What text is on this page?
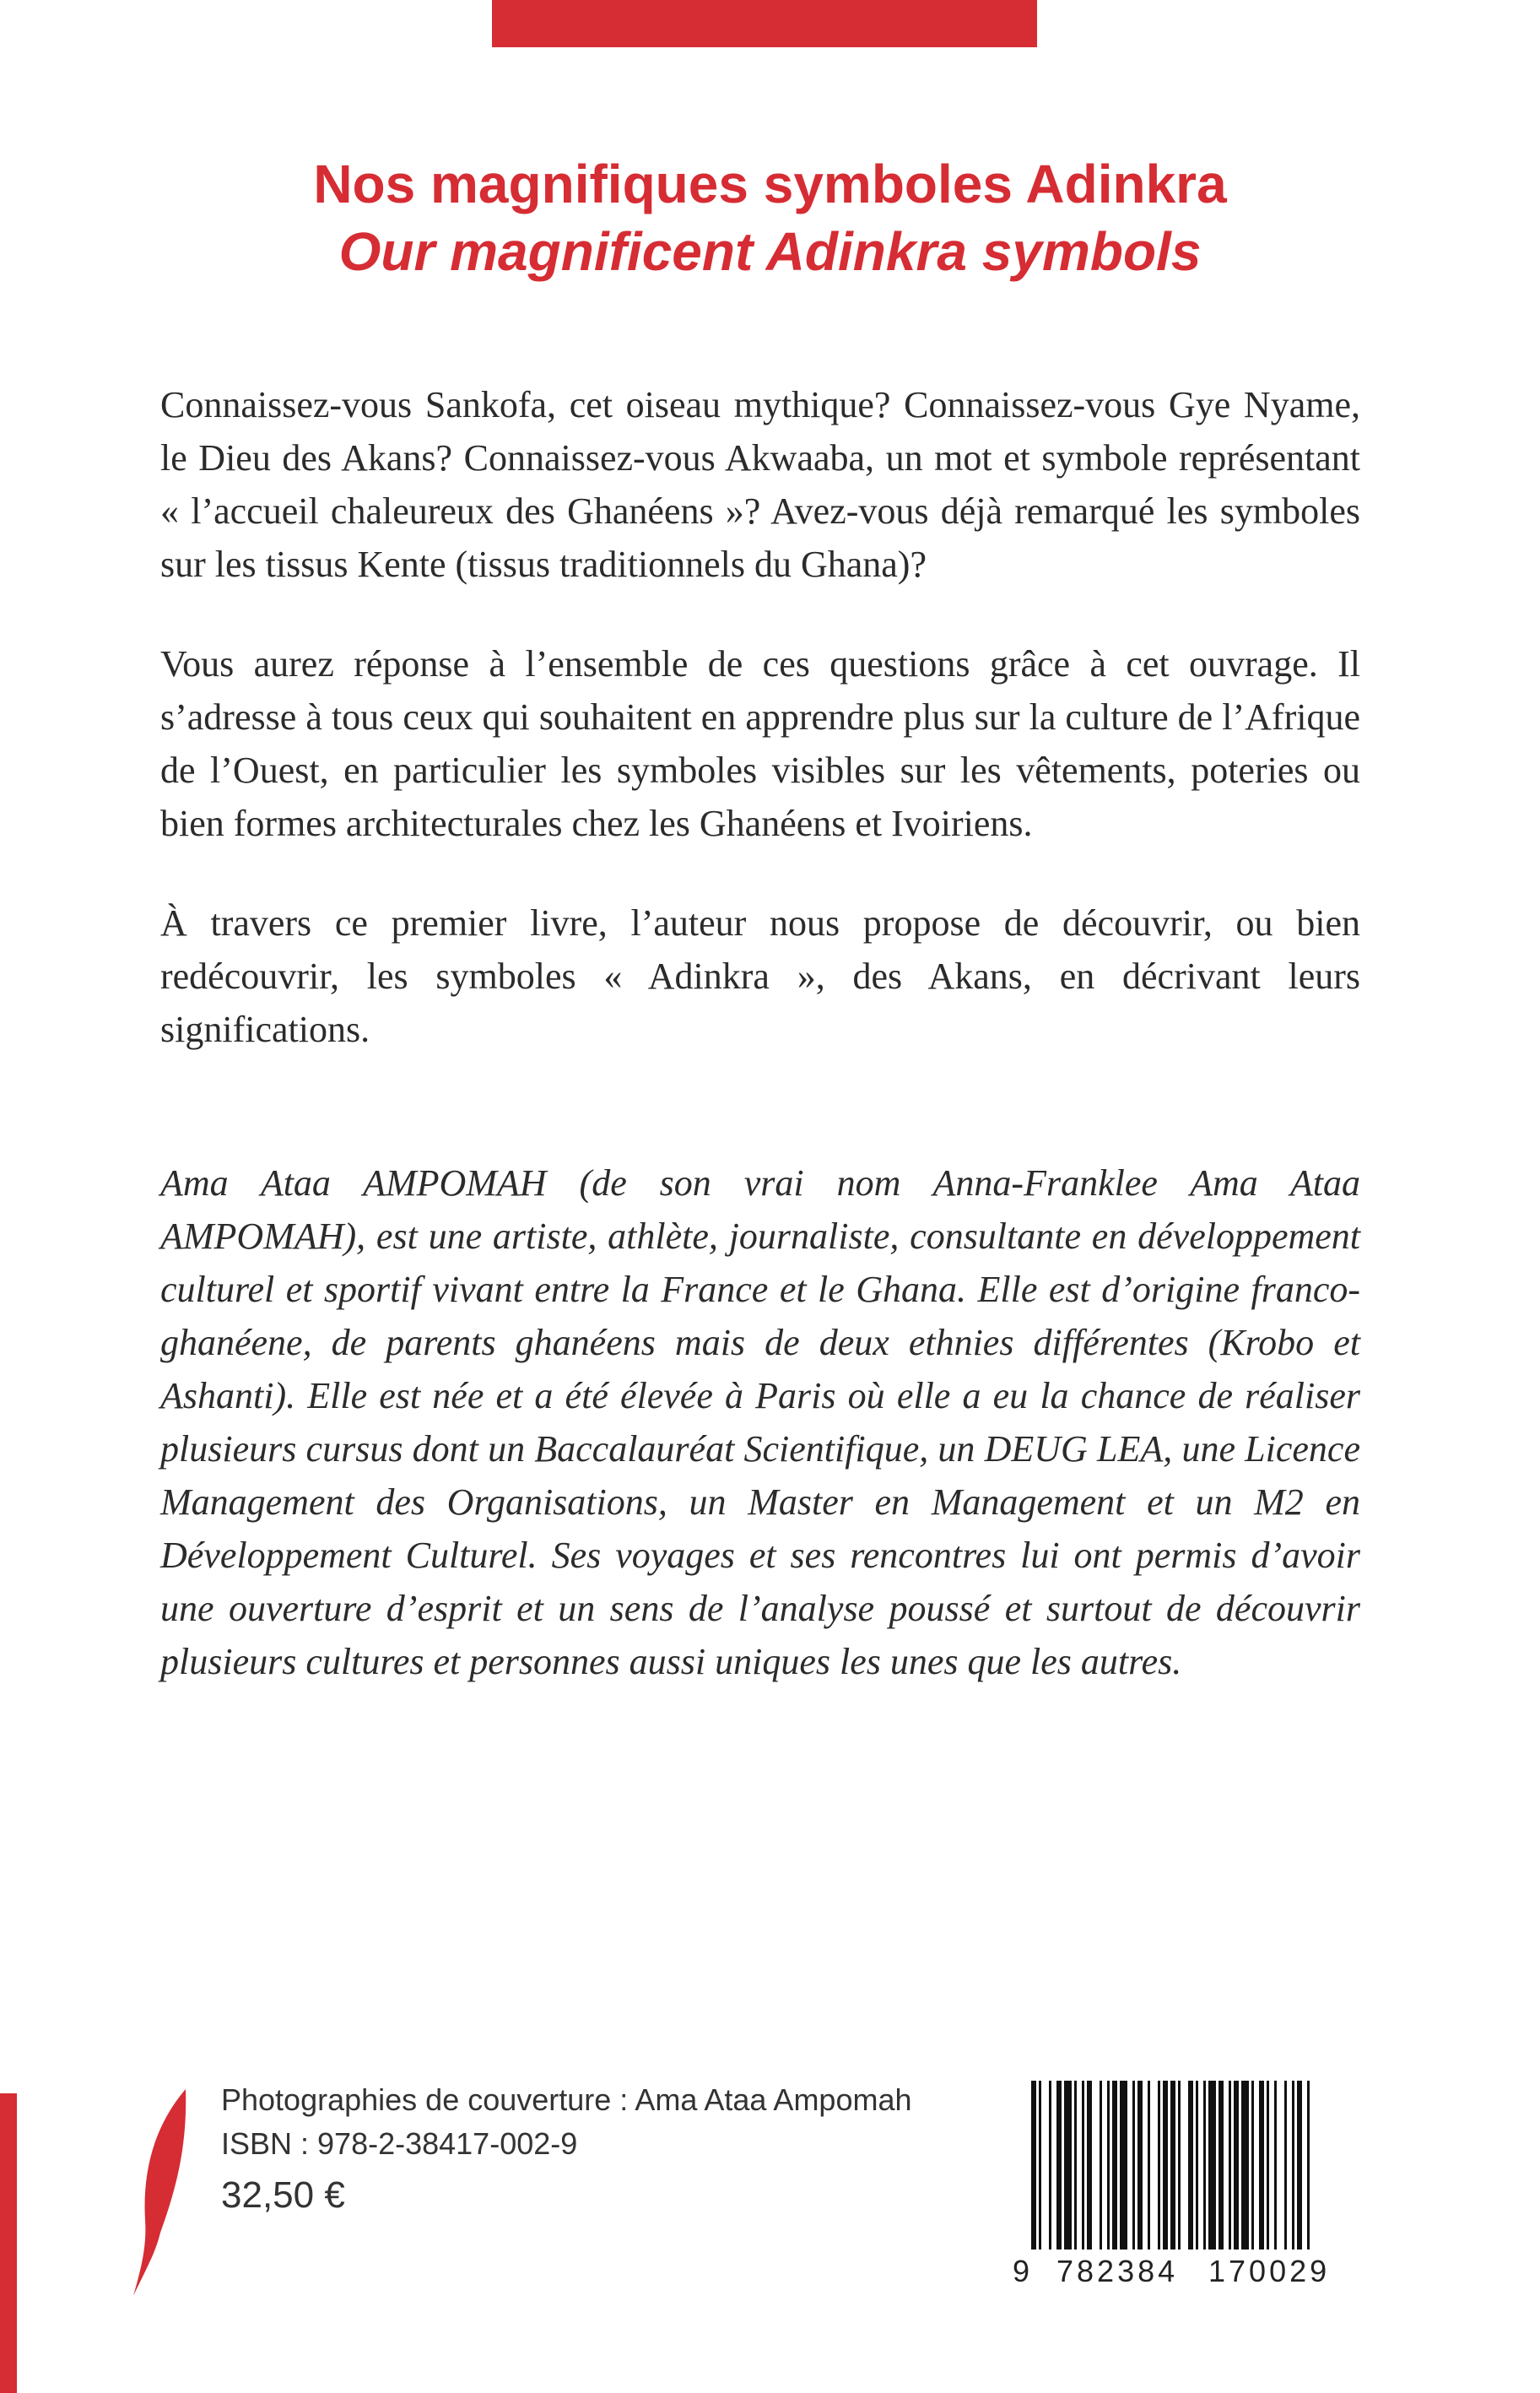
Nos magnifiques symboles Adinkra
Our magnificent Adinkra symbols

Connaissez-vous Sankofa, cet oiseau mythique? Connaissez-vous Gye Nyame, le Dieu des Akans? Connaissez-vous Akwaaba, un mot et symbole représentant « l’accueil chaleureux des Ghanéens »? Avez-vous déjà remarqué les symboles sur les tissus Kente (tissus traditionnels du Ghana)?

Vous aurez réponse à l’ensemble de ces questions grâce à cet ouvrage. Il s’adresse à tous ceux qui souhaitent en apprendre plus sur la culture de l’Afrique de l’Ouest, en particulier les symboles visibles sur les vêtements, poteries ou bien formes architecturales chez les Ghanéens et Ivoiriens.

À travers ce premier livre, l’auteur nous propose de découvrir, ou bien redécouvrir, les symboles « Adinkra », des Akans, en décrivant leurs significations.

Ama Ataa AMPOMAH (de son vrai nom Anna-Franklee Ama Ataa AMPOMAH), est une artiste, athlète, journaliste, consultante en développement culturel et sportif vivant entre la France et le Ghana. Elle est d’origine franco-ghanéene, de parents ghanéens mais de deux ethnies différentes (Krobo et Ashanti). Elle est née et a été élevée à Paris où elle a eu la chance de réaliser plusieurs cursus dont un Baccalauréat Scientifique, un DEUG LEA, une Licence Management des Organisations, un Master en Management et un M2 en Développement Culturel. Ses voyages et ses rencontres lui ont permis d’avoir une ouverture d’esprit et un sens de l’analyse poussé et surtout de découvrir plusieurs cultures et personnes aussi uniques les unes que les autres.

Photographies de couverture : Ama Ataa Ampomah
ISBN : 978-2-38417-002-9
32,50 €
9 782384 170029
